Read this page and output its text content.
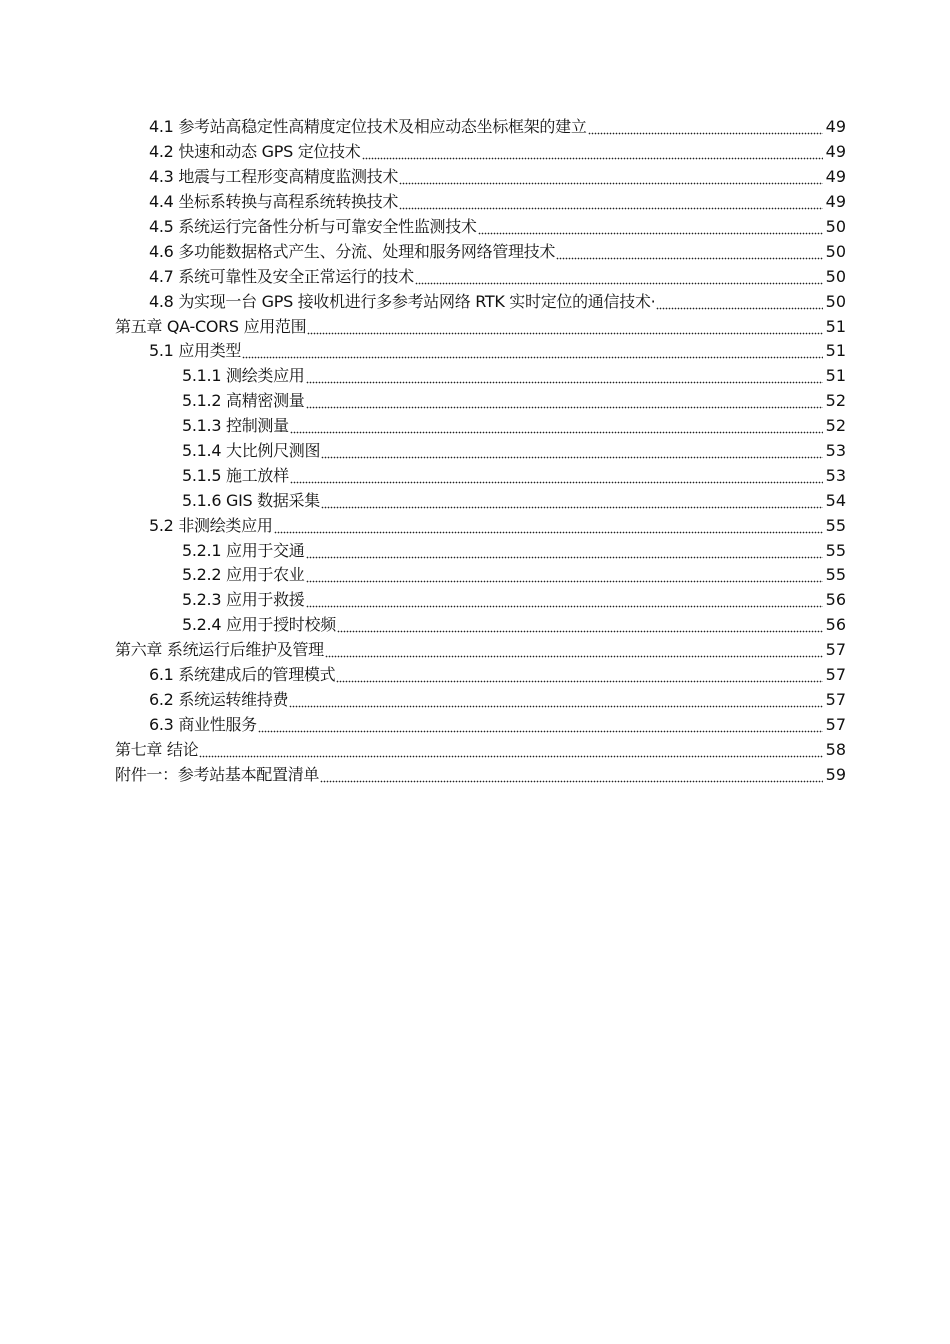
4.1 参考站高稳定性高精度定位技术及相应动态坐标框架的建立	49
4.2 快速和动态 GPS 定位技术	49
4.3 地震与工程形变高精度监测技术	49
4.4 坐标系转换与高程系统转换技术	49
4.5 系统运行完备性分析与可靠安全性监测技术	50
4.6 多功能数据格式产生、分流、处理和服务网络管理技术	50
4.7 系统可靠性及安全正常运行的技术	50
4.8 为实现一台 GPS 接收机进行多参考站网络 RTK 实时定位的通信技术·	50
第五章 QA-CORS 应用范围	51
5.1 应用类型	51
5.1.1 测绘类应用	51
5.1.2 高精密测量	52
5.1.3 控制测量	52
5.1.4 大比例尺测图	53
5.1.5 施工放样	53
5.1.6 GIS 数据采集	54
5.2 非测绘类应用	55
5.2.1 应用于交通	55
5.2.2 应用于农业	55
5.2.3 应用于救援	56
5.2.4 应用于授时校频	56
第六章 系统运行后维护及管理	57
6.1 系统建成后的管理模式	57
6.2 系统运转维持费	57
6.3 商业性服务	57
第七章 结论	58
附件一：参考站基本配置清单	59
